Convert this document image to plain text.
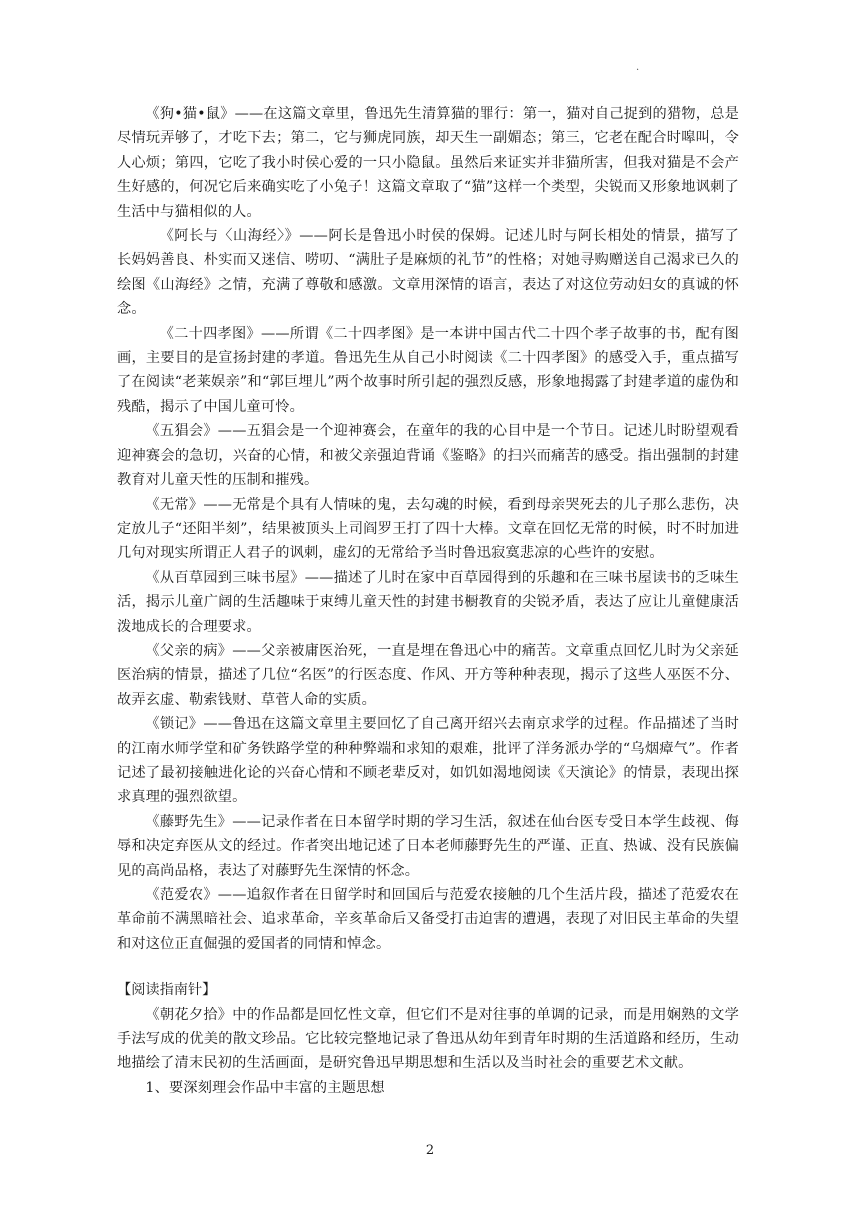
.

《狗•猫•鼠》——在这篇文章里，鲁迅先生清算猫的罪行：第一，猫对自己捉到的猎物，总是尽情玩弄够了，才吃下去；第二，它与狮虎同族，却天生一副媚态；第三，它老在配合时嗥叫，令人心烦；第四，它吃了我小时侯心爱的一只小隐鼠。虽然后来证实并非猫所害，但我对猫是不会产生好感的，何况它后来确实吃了小兔子！这篇文章取了“猫”这样一个类型，尖锐而又形象地讽刺了生活中与猫相似的人。

《阿长与〈山海经〉》——阿长是鲁迅小时侯的保姆。记述儿时与阿长相处的情景，描写了长妈妈善良、朴实而又迷信、唠叨、“满肚子是麻烦的礼节”的性格；对她寻购赠送自己渴求已久的绘图《山海经》之情，充满了尊敬和感激。文章用深情的语言，表达了对这位劳动妇女的真诚的怀念。

《二十四孝图》——所谓《二十四孝图》是一本讲中国古代二十四个孝子故事的书，配有图画，主要目的是宣扬封建的孝道。鲁迅先生从自己小时阅读《二十四孝图》的感受入手，重点描写了在阅读“老莱娱亲”和“郭巨埋儿”两个故事时所引起的强烈反感，形象地揭露了封建孝道的虚伪和残酷，揭示了中国儿童可怜。

《五猖会》——五猖会是一个迎神赛会，在童年的我的心目中是一个节日。记述儿时盼望观看迎神赛会的急切，兴奋的心情，和被父亲强迫背诵《鉴略》的扫兴而痛苦的感受。指出强制的封建教育对儿童天性的压制和摧残。

《无常》——无常是个具有人情味的鬼，去勾魂的时候，看到母亲哭死去的儿子那么悲伤，决定放儿子“还阳半刻”，结果被顶头上司阎罗王打了四十大棒。文章在回忆无常的时候，时不时加进几句对现实所谓正人君子的讽刺，虚幻的无常给予当时鲁迅寂寞悲凉的心些许的安慰。

《从百草园到三味书屋》——描述了儿时在家中百草园得到的乐趣和在三味书屋读书的乏味生活，揭示儿童广阔的生活趣味于束缚儿童天性的封建书橱教育的尖锐矛盾，表达了应让儿童健康活泼地成长的合理要求。

《父亲的病》——父亲被庸医治死，一直是埋在鲁迅心中的痛苦。文章重点回忆儿时为父亲延医治病的情景，描述了几位“名医”的行医态度、作风、开方等种种表现，揭示了这些人巫医不分、故弄玄虚、勒索钱财、草菅人命的实质。

《锁记》——鲁迅在这篇文章里主要回忆了自己离开绍兴去南京求学的过程。作品描述了当时的江南水师学堂和矿务铁路学堂的种种弊端和求知的艰难，批评了洋务派办学的“乌烟瘴气”。作者记述了最初接触进化论的兴奋心情和不顾老辈反对，如饥如渴地阅读《天演论》的情景，表现出探求真理的强烈欲望。

《藤野先生》——记录作者在日本留学时期的学习生活，叙述在仙台医专受日本学生歧视、侮辱和决定弃医从文的经过。作者突出地记述了日本老师藤野先生的严谨、正直、热诚、没有民族偏见的高尚品格，表达了对藤野先生深情的怀念。

《范爱农》——追叙作者在日留学时和回国后与范爱农接触的几个生活片段，描述了范爱农在革命前不满黑暗社会、追求革命，辛亥革命后又备受打击迫害的遭遇，表现了对旧民主革命的失望和对这位正直倔强的爱国者的同情和悼念。

【阅读指南针】

《朝花夕拾》中的作品都是回忆性文章，但它们不是对往事的单调的记录，而是用娴熟的文学手法写成的优美的散文珍品。它比较完整地记录了鲁迅从幼年到青年时期的生活道路和经历，生动地描绘了清末民初的生活画面，是研究鲁迅早期思想和生活以及当时社会的重要艺术文献。

1、要深刻理会作品中丰富的主题思想

2
